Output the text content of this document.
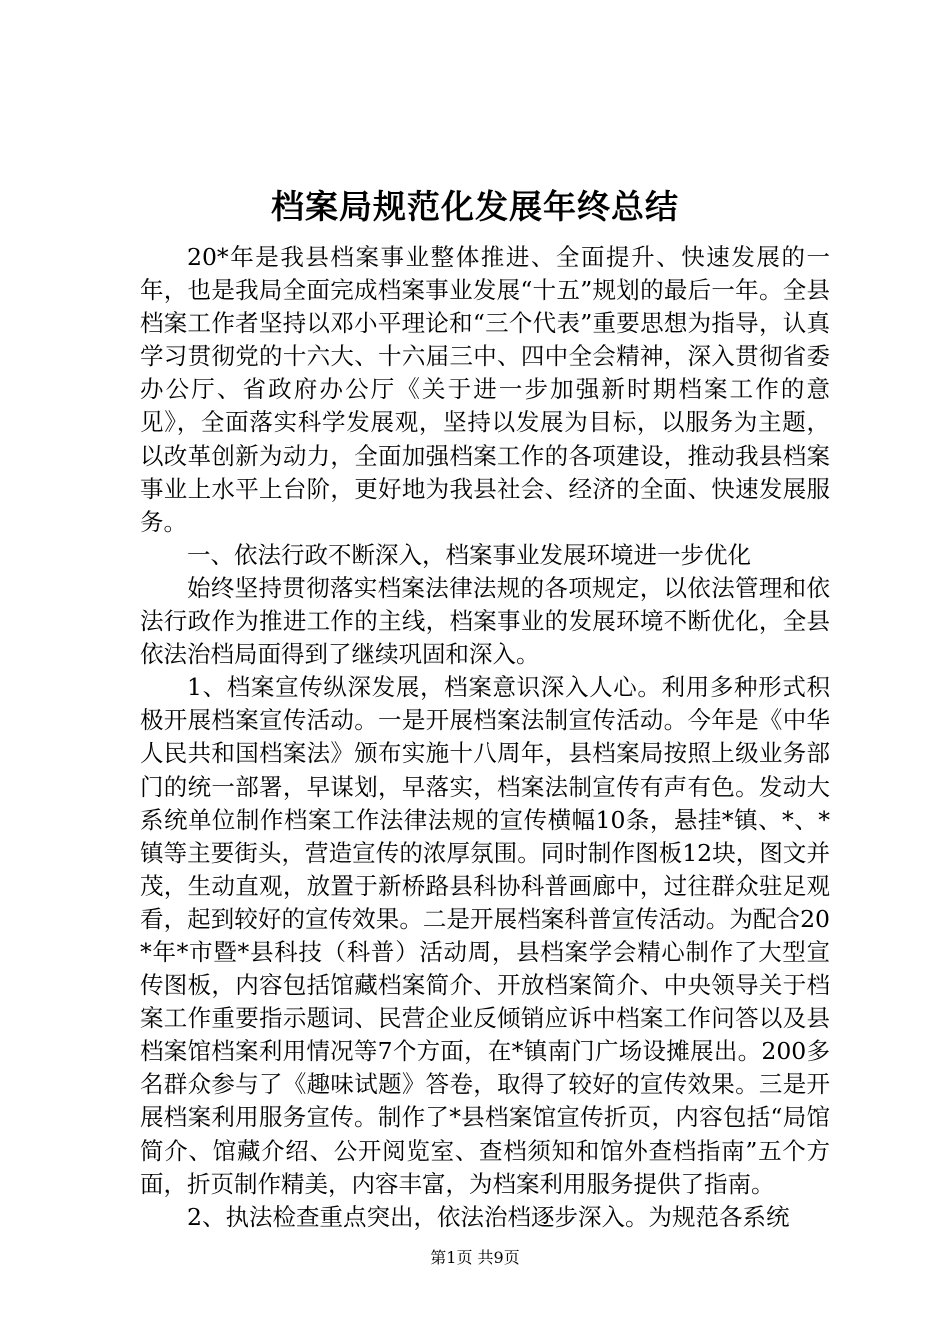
档案局规范化发展年终总结

20*年是我县档案事业整体推进、全面提升、快速发展的一年，也是我局全面完成档案事业发展“十五”规划的最后一年。全县档案工作者坚持以邓小平理论和“三个代表”重要思想为指导，认真学习贯彻党的十六大、十六届三中、四中全会精神，深入贯彻省委办公厅、省政府办公厅《关于进一步加强新时期档案工作的意见》，全面落实科学发展观，坚持以发展为目标，以服务为主题，以改革创新为动力，全面加强档案工作的各项建设，推动我县档案事业上水平上台阶，更好地为我县社会、经济的全面、快速发展服务。

一、依法行政不断深入，档案事业发展环境进一步优化

始终坚持贯彻落实档案法律法规的各项规定，以依法管理和依法行政作为推进工作的主线，档案事业的发展环境不断优化，全县依法治档局面得到了继续巩固和深入。

1、档案宣传纵深发展，档案意识深入人心。利用多种形式积极开展档案宣传活动。一是开展档案法制宣传活动。今年是《中华人民共和国档案法》颁布实施十八周年，县档案局按照上级业务部门的统一部署，早谋划，早落实，档案法制宣传有声有色。发动大系统单位制作档案工作法律法规的宣传横幅10条，悬挂*镇、*、*镇等主要街头，营造宣传的浓厚氛围。同时制作图板12块，图文并茂，生动直观，放置于新桥路县科协科普画廊中，过往群众驻足观看，起到较好的宣传效果。二是开展档案科普宣传活动。为配合20*年*市暨*县科技（科普）活动周，县档案学会精心制作了大型宣传图板，内容包括馆藏档案简介、开放档案简介、中央领导关于档案工作重要指示题词、民营企业反倾销应诉中档案工作问答以及县档案馆档案利用情况等7个方面，在*镇南门广场设摊展出。200多名群众参与了《趣味试题》答卷，取得了较好的宣传效果。三是开展档案利用服务宣传。制作了*县档案馆宣传折页，内容包括“局馆简介、馆藏介绍、公开阅览室、查档须知和馆外查档指南”五个方面，折页制作精美，内容丰富，为档案利用服务提供了指南。

2、执法检查重点突出，依法治档逐步深入。为规范各系统

第1页 共9页
